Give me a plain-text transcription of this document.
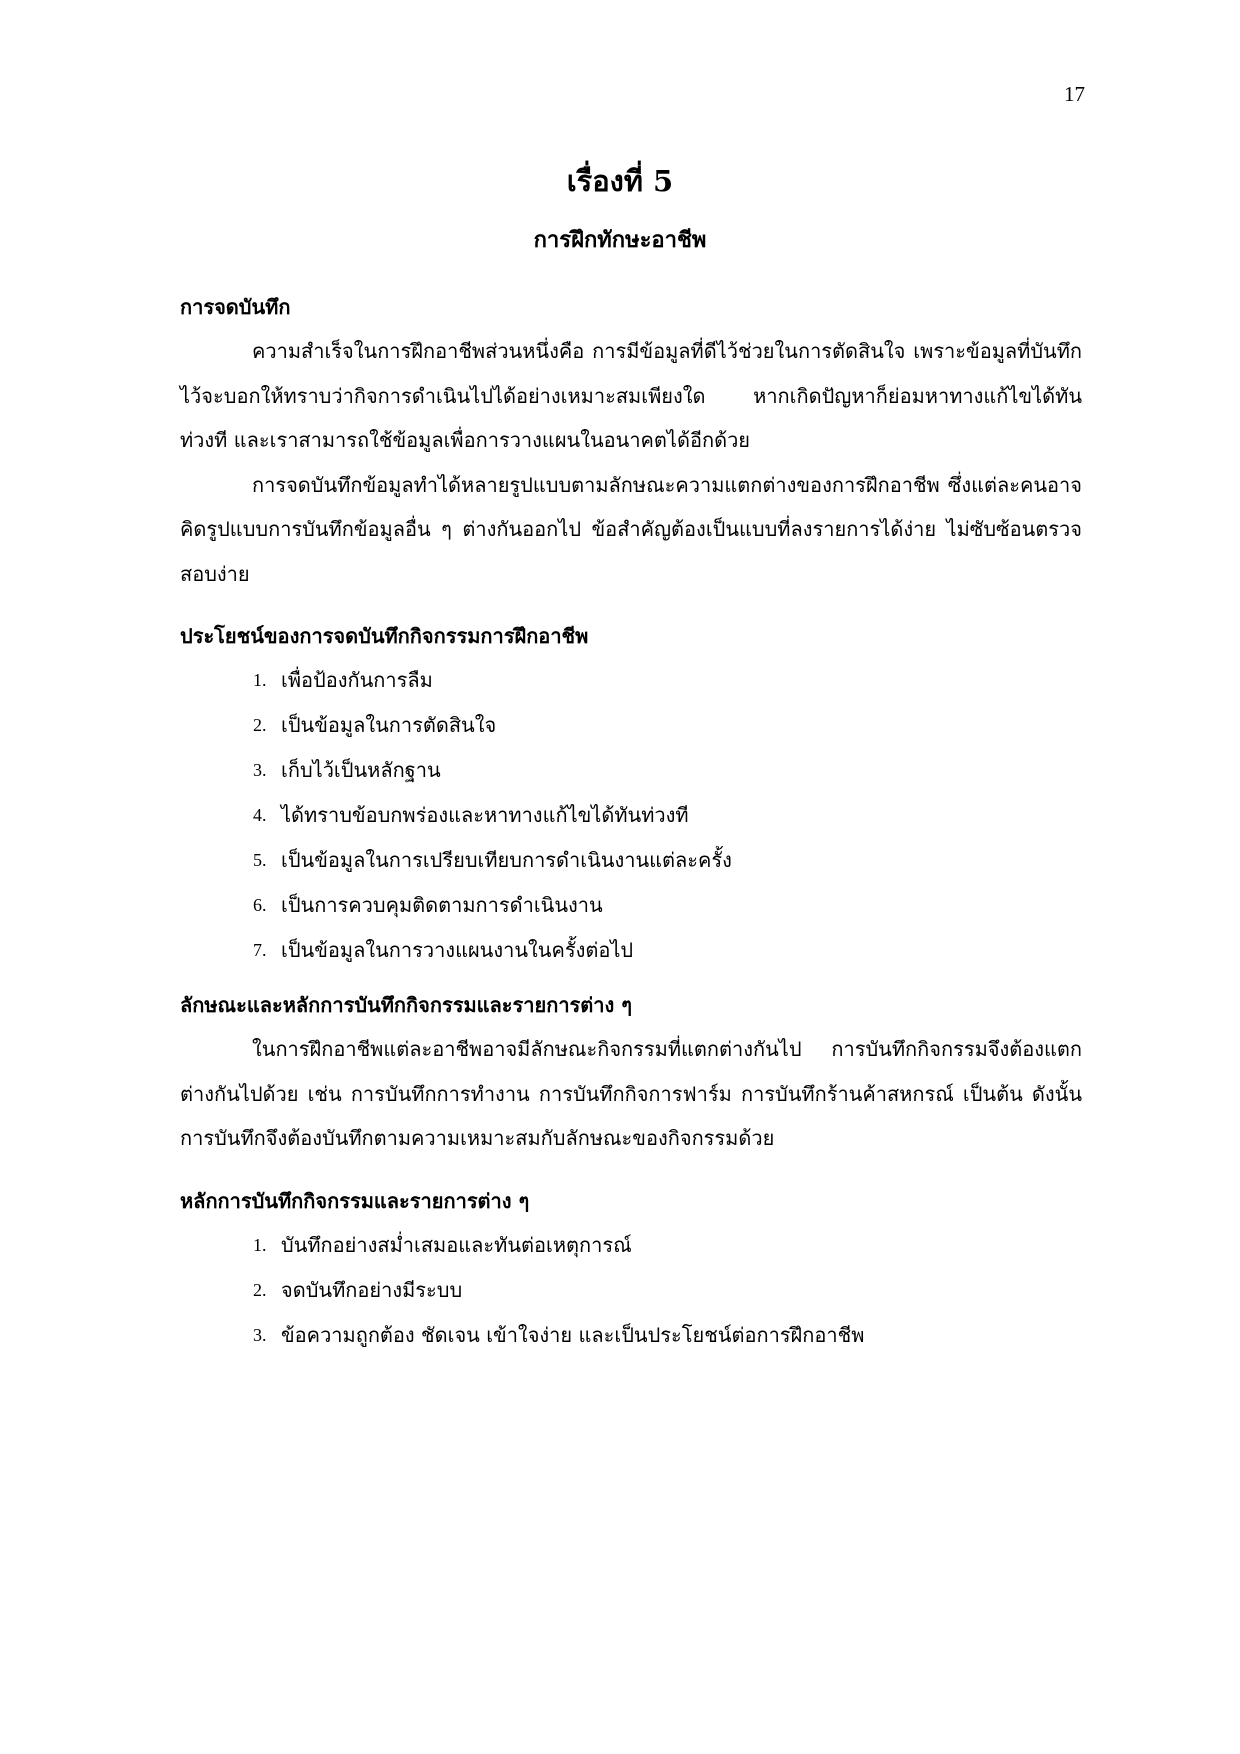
17
เรื่องที่ 5
การฝึกทักษะอาชีพ
การจดบันทึก

ความสำเร็จในการฝึกอาชีพส่วนหนึ่งคือ การมีข้อมูลที่ดีไว้ช่วยในการตัดสินใจ เพราะข้อมูลที่บันทึกไว้จะบอกให้ทราบว่ากิจการดำเนินไปได้อย่างเหมาะสมเพียงใด หากเกิดปัญหาก็ย่อมหาทางแก้ไขได้ทันท่วงที และเราสามารถใช้ข้อมูลเพื่อการวางแผนในอนาคตได้อีกด้วย

การจดบันทึกข้อมูลทำได้หลายรูปแบบตามลักษณะความแตกต่างของการฝึกอาชีพ ซึ่งแต่ละคนอาจคิดรูปแบบการบันทึกข้อมูลอื่น ๆ ต่างกันออกไป ข้อสำคัญต้องเป็นแบบที่ลงรายการได้ง่าย ไม่ซับซ้อนตรวจสอบง่าย

ประโยชน์ของการจดบันทึกกิจกรรมการฝึกอาชีพ
1. เพื่อป้องกันการลืม
2. เป็นข้อมูลในการตัดสินใจ
3. เก็บไว้เป็นหลักฐาน
4. ได้ทราบข้อบกพร่องและหาทางแก้ไขได้ทันท่วงที
5. เป็นข้อมูลในการเปรียบเทียบการดำเนินงานแต่ละครั้ง
6. เป็นการควบคุมติดตามการดำเนินงาน
7. เป็นข้อมูลในการวางแผนงานในครั้งต่อไป
ลักษณะและหลักการบันทึกกิจกรรมและรายการต่าง ๆ

ในการฝึกอาชีพแต่ละอาชีพอาจมีลักษณะกิจกรรมที่แตกต่างกันไป การบันทึกกิจกรรมจึงต้องแตกต่างกันไปด้วย เช่น การบันทึกการทำงาน การบันทึกกิจการฟาร์ม การบันทึกร้านค้าสหกรณ์ เป็นต้น ดังนั้นการบันทึกจึงต้องบันทึกตามความเหมาะสมกับลักษณะของกิจกรรมด้วย

หลักการบันทึกกิจกรรมและรายการต่าง ๆ
1. บันทึกอย่างสม่ำเสมอและทันต่อเหตุการณ์
2. จดบันทึกอย่างมีระบบ
3. ข้อความถูกต้อง ชัดเจน เข้าใจง่าย และเป็นประโยชน์ต่อการฝึกอาชีพ
